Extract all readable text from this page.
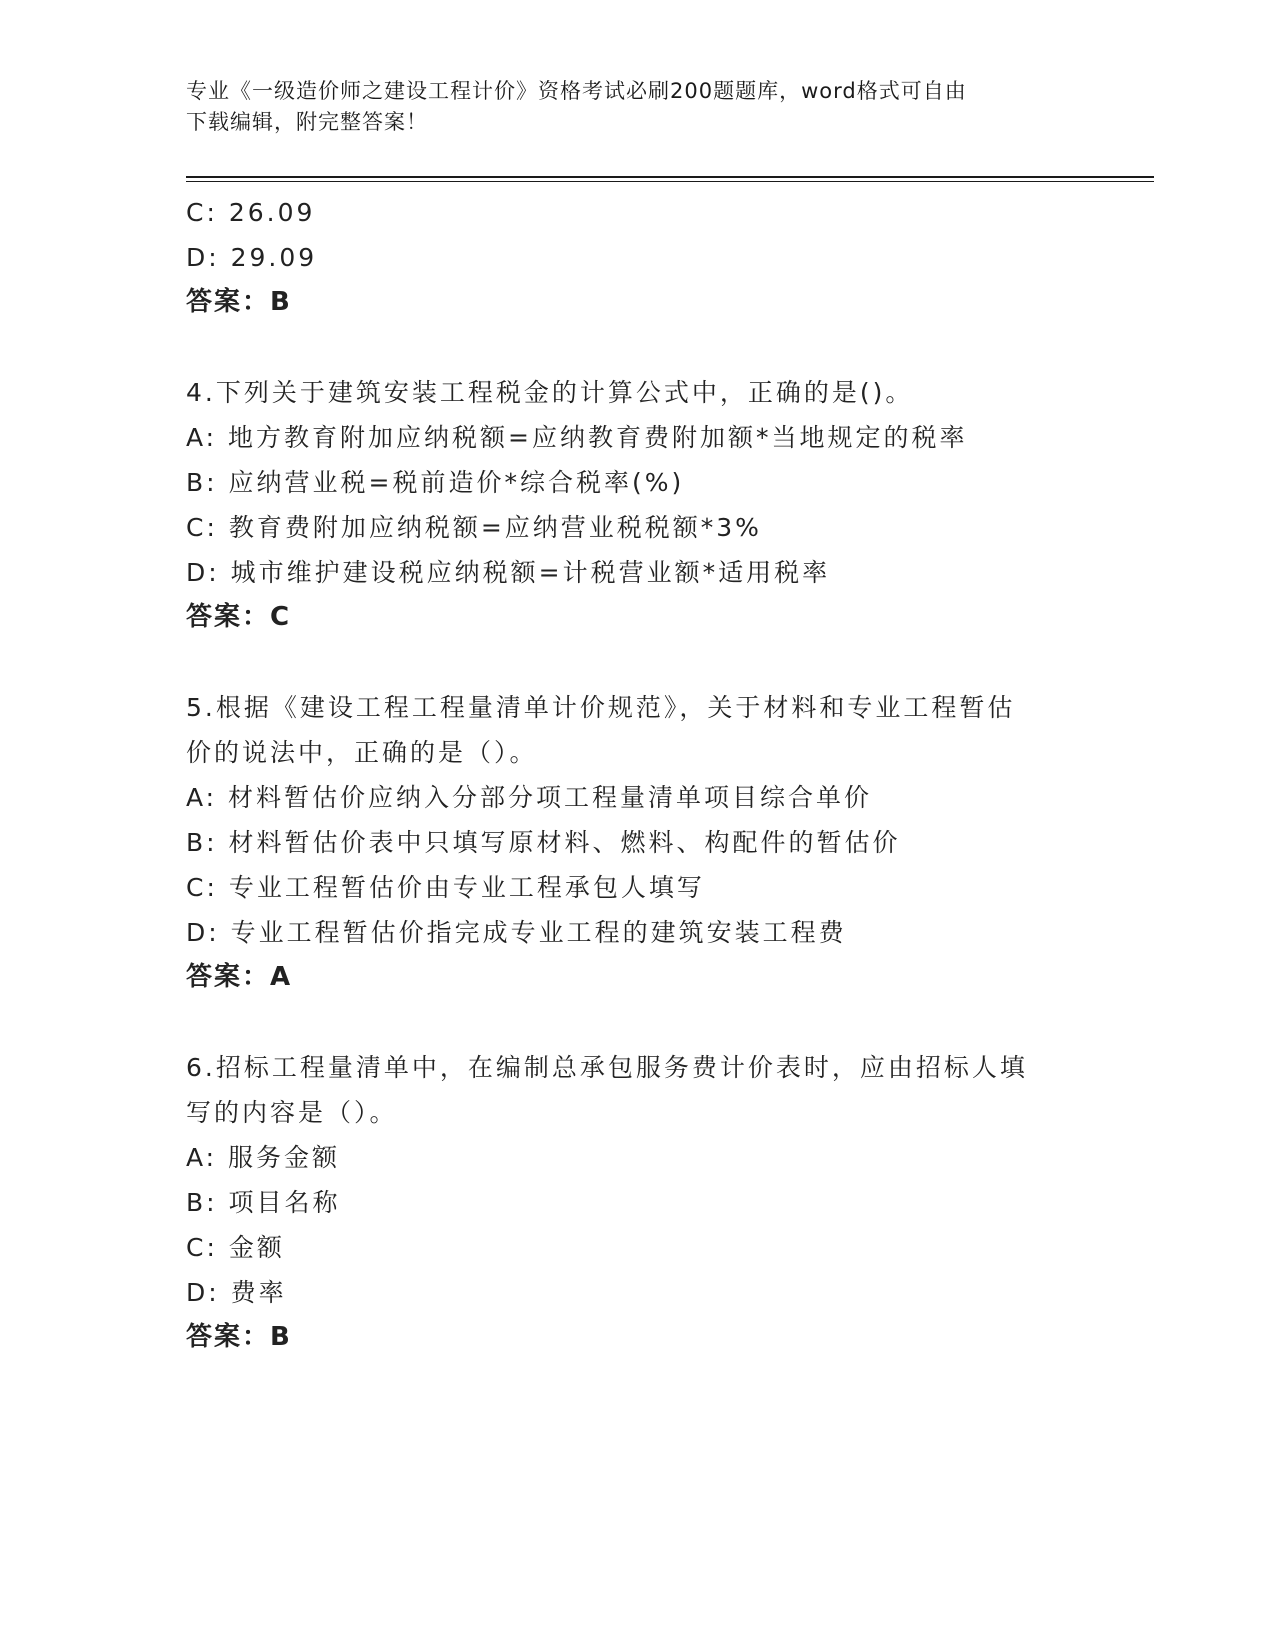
专业《一级造价师之建设工程计价》资格考试必刷200题题库，word格式可自由
下载编辑，附完整答案！
C: 26.09
D: 29.09
答案：B
4.下列关于建筑安装工程税金的计算公式中，正确的是()。
A: 地方教育附加应纳税额=应纳教育费附加额*当地规定的税率
B: 应纳营业税=税前造价*综合税率(%)
C: 教育费附加应纳税额=应纳营业税税额*3%
D: 城市维护建设税应纳税额=计税营业额*适用税率
答案：C
5.根据《建设工程工程量清单计价规范》，关于材料和专业工程暂估
价的说法中，正确的是（）。
A: 材料暂估价应纳入分部分项工程量清单项目综合单价
B: 材料暂估价表中只填写原材料、燃料、构配件的暂估价
C: 专业工程暂估价由专业工程承包人填写
D: 专业工程暂估价指完成专业工程的建筑安装工程费
答案：A
6.招标工程量清单中，在编制总承包服务费计价表时，应由招标人填
写的内容是（）。
A: 服务金额
B: 项目名称
C: 金额
D: 费率
答案：B
